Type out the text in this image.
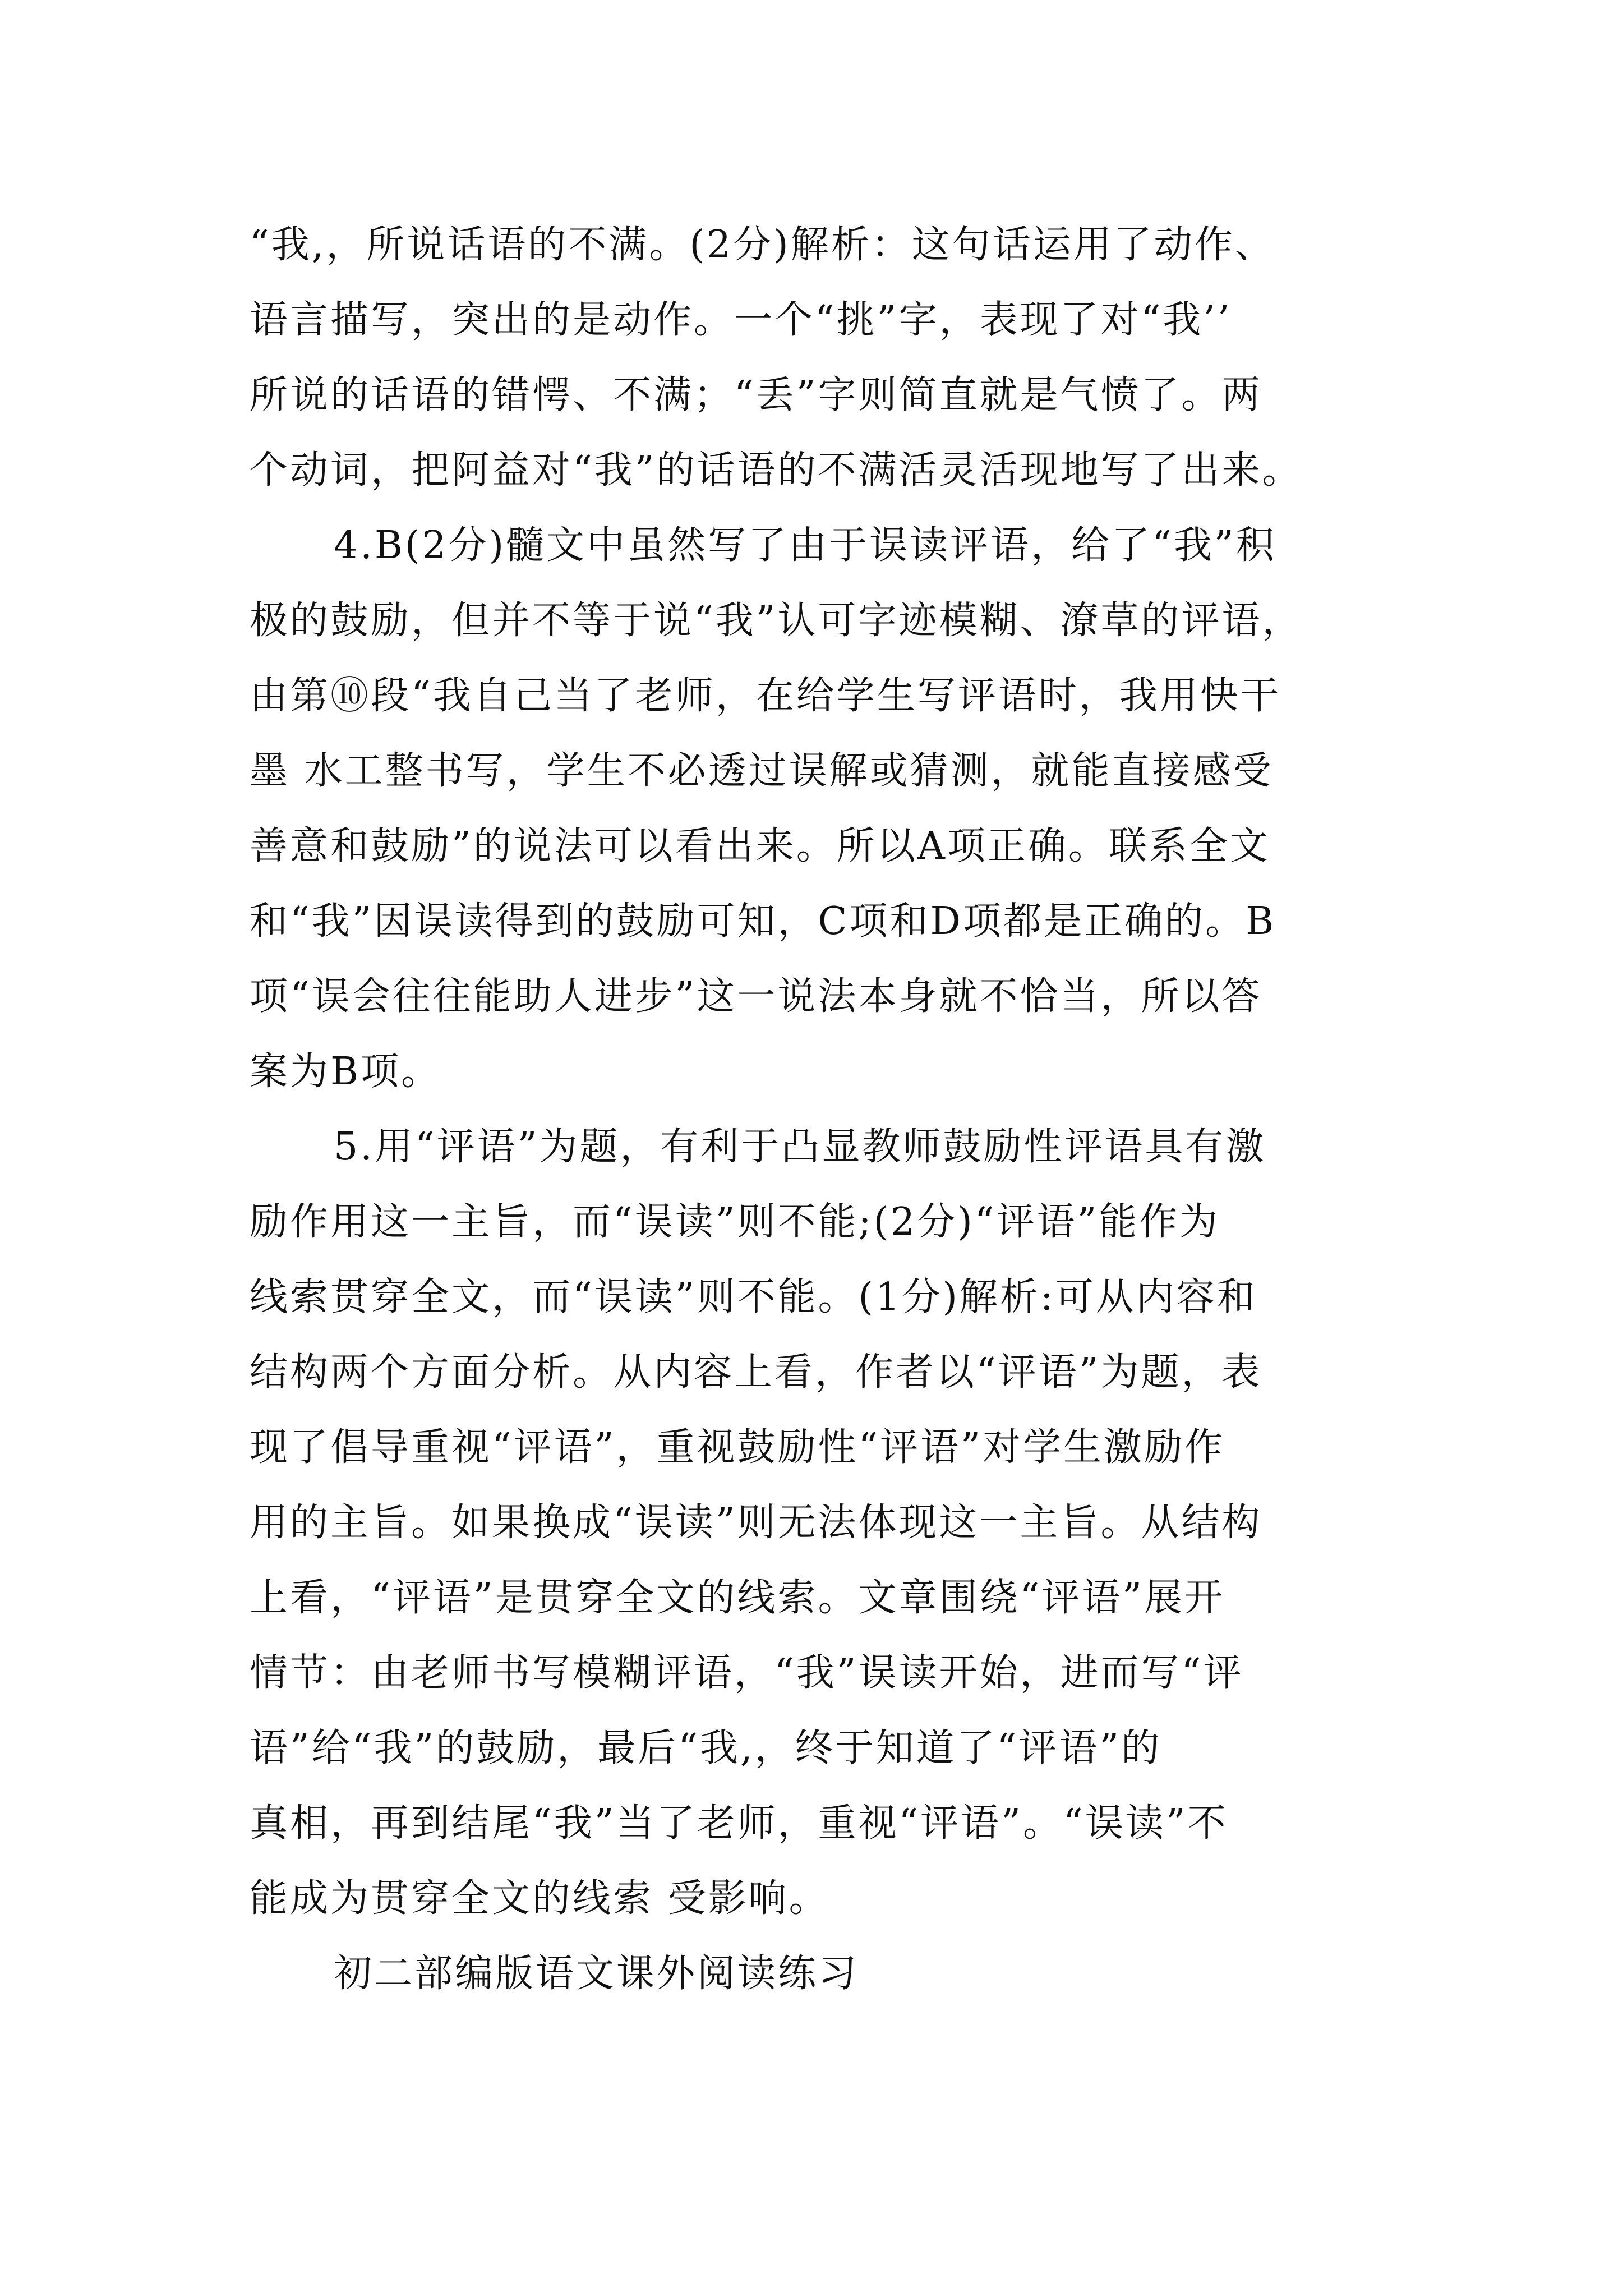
“我,，所说话语的不满。(2分)解析：这句话运用了动作、
语言描写，突出的是动作。一个“挑”字，表现了对“我’’
所说的话语的错愕、不满；“丢”字则简直就是气愤了。两
个动词，把阿益对“我”的话语的不满活灵活现地写了出来。
4.B(2分)髓文中虽然写了由于误读评语，给了“我”积
极的鼓励，但并不等于说“我”认可字迹模糊、潦草的评语，
由第⑩段“我自己当了老师，在给学生写评语时，我用快干
墨 水工整书写，学生不必透过误解或猜测，就能直接感受
善意和鼓励”的说法可以看出来。所以A项正确。联系全文
和“我”因误读得到的鼓励可知，C项和D项都是正确的。B
项“误会往往能助人进步”这一说法本身就不恰当，所以答
案为B项。
5.用“评语”为题，有利于凸显教师鼓励性评语具有激
励作用这一主旨，而“误读”则不能;(2分)“评语”能作为
线索贯穿全文，而“误读”则不能。(1分)解析:可从内容和
结构两个方面分析。从内容上看，作者以“评语”为题，表
现了倡导重视“评语”，重视鼓励性“评语”对学生激励作
用的主旨。如果换成“误读”则无法体现这一主旨。从结构
上看，“评语”是贯穿全文的线索。文章围绕“评语”展开
情节：由老师书写模糊评语，“我”误读开始，进而写“评
语”给“我”的鼓励，最后“我,，终于知道了“评语”的
真相，再到结尾“我”当了老师，重视“评语”。“误读”不
能成为贯穿全文的线索 受影响。
初二部编版语文课外阅读练习
